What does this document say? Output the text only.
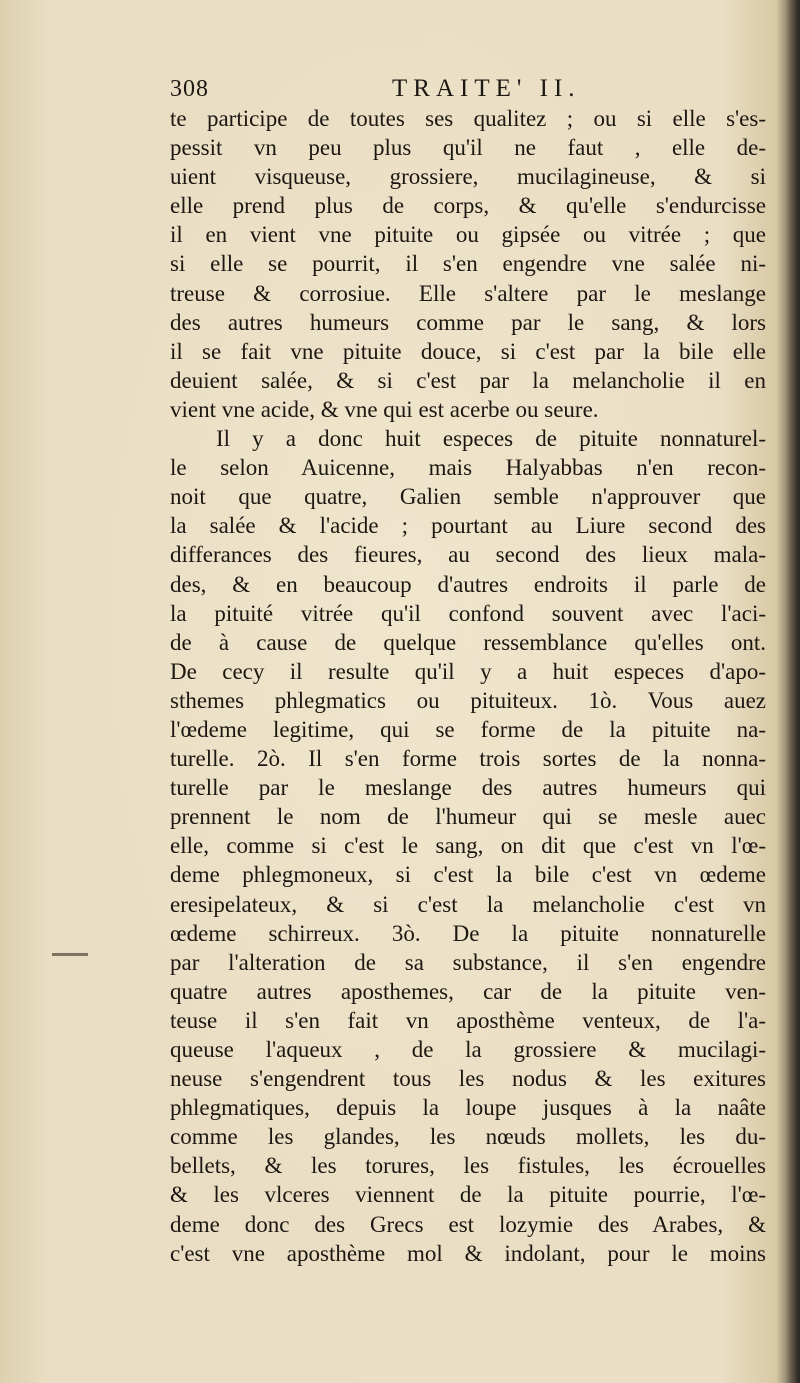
308	TRAITE' II.
te participe de toutes ses qualitez ; ou si elle s'es-
pessit vn peu plus qu'il ne faut , elle de-
uient visqueuse, grossiere, mucilagineuse, & si
elle prend plus de corps, & qu'elle s'endurcisse
il en vient vne pituite ou gipsée ou vitrée ; que
si elle se pourrit, il s'en engendre vne salée ni-
treuse & corrosiue. Elle s'altere par le meslange
des autres humeurs comme par le sang, & lors
il se fait vne pituite douce, si c'est par la bile elle
deuient salée, & si c'est par la melancholie il en
vient vne acide, & vne qui est acerbe ou seure.
Il y a donc huit especes de pituite nonnaturel-
le selon Auicenne, mais Halyabbas n'en recon-
noit que quatre, Galien semble n'approuver que
la salée & l'acide ; pourtant au Liure second des
differances des fieures, au second des lieux mala-
des, & en beaucoup d'autres endroits il parle de
la pituité vitrée qu'il confond souvent avec l'aci-
de à cause de quelque ressemblance qu'elles ont.
De cecy il resulte qu'il y a huit especes d'apo-
sthemes phlegmatics ou pituiteux. 1ò. Vous auez
l'œdeme legitime, qui se forme de la pituite na-
turelle. 2ò. Il s'en forme trois sortes de la nonna-
turelle par le meslange des autres humeurs qui
prennent le nom de l'humeur qui se mesle auec
elle, comme si c'est le sang, on dit que c'est vn l'œ-
deme phlegmoneux, si c'est la bile c'est vn œdeme
eresipelateux, & si c'est la melancholie c'est vn
œdeme schirreux. 3ò. De la pituite nonnaturelle
par l'alteration de sa substance, il s'en engendre
quatre autres aposthemes, car de la pituite ven-
teuse il s'en fait vn aposthème venteux, de l'a-
queuse l'aqueux , de la grossiere & mucilagi-
neuse s'engendrent tous les nodus & les exitures
phlegmatiques, depuis la loupe jusques à la naâte
comme les glandes, les nœuds mollets, les du-
bellets, & les torures, les fistules, les écrouelles
& les vlceres viennent de la pituite pourrie, l'œ-
deme donc des Grecs est lozymie des Arabes, &
c'est vne aposthème mol & indolant, pour le moins
